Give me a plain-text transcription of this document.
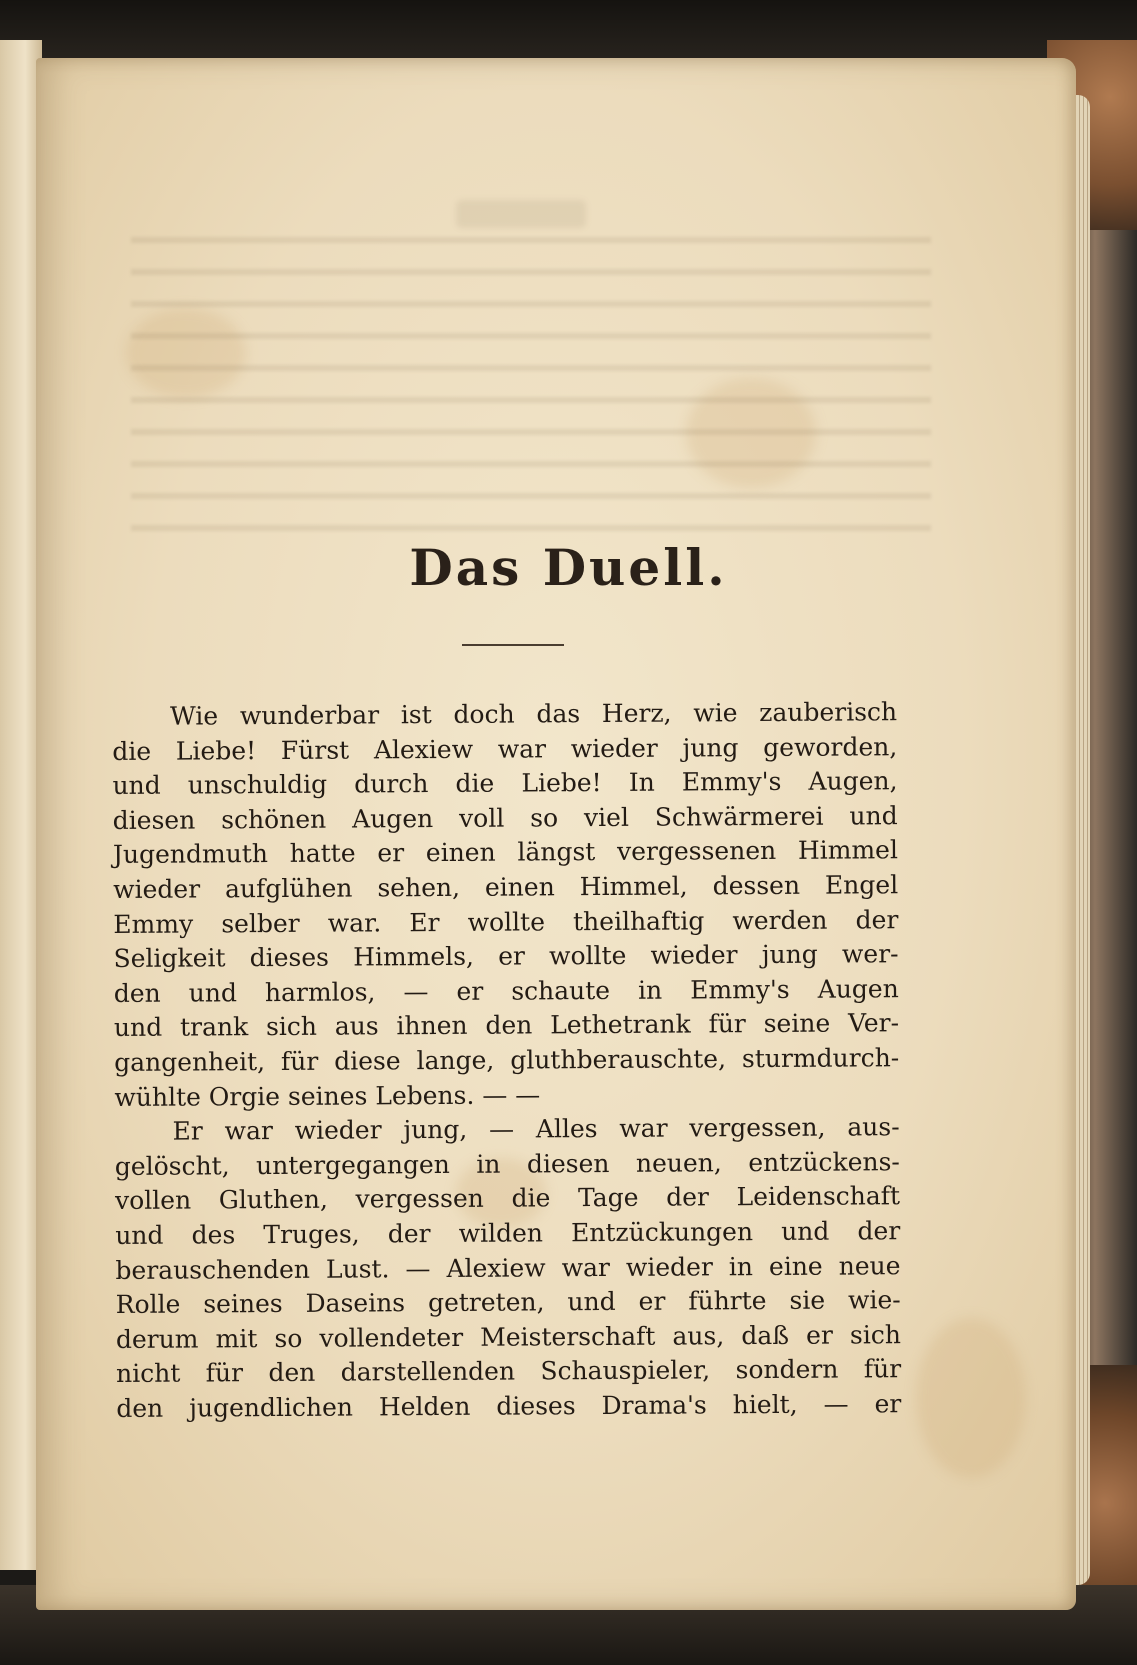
Das Duell.

Wie wunderbar ist doch das Herz, wie zauberisch

die Liebe! Fürst Alexiew war wieder jung geworden,

und unschuldig durch die Liebe! In Emmy's Augen,

diesen schönen Augen voll so viel Schwärmerei und

Jugendmuth hatte er einen längst vergessenen Himmel

wieder aufglühen sehen, einen Himmel, dessen Engel

Emmy selber war. Er wollte theilhaftig werden der

Seligkeit dieses Himmels, er wollte wieder jung wer-

den und harmlos, — er schaute in Emmy's Augen

und trank sich aus ihnen den Lethetrank für seine Ver-

gangenheit, für diese lange, gluthberauschte, sturmdurch-

wühlte Orgie seines Lebens. — —

Er war wieder jung, — Alles war vergessen, aus-

gelöscht, untergegangen in diesen neuen, entzückens-

vollen Gluthen, vergessen die Tage der Leidenschaft

und des Truges, der wilden Entzückungen und der

berauschenden Lust. — Alexiew war wieder in eine neue

Rolle seines Daseins getreten, und er führte sie wie-

derum mit so vollendeter Meisterschaft aus, daß er sich

nicht für den darstellenden Schauspieler, sondern für

den jugendlichen Helden dieses Drama's hielt, — er
